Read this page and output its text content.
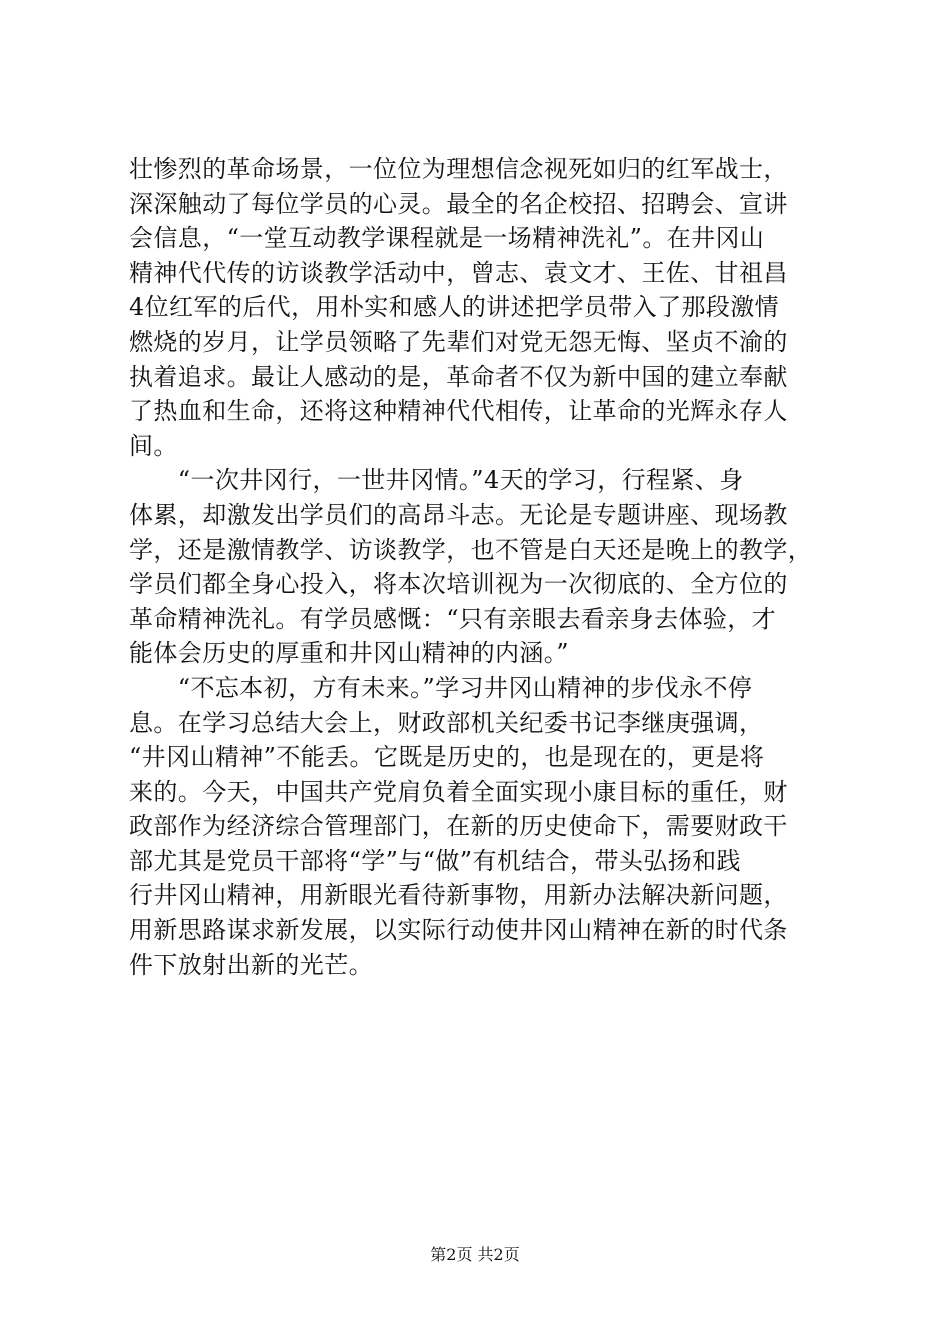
壮惨烈的革命场景，一位位为理想信念视死如归的红军战士，
深深触动了每位学员的心灵。最全的名企校招、招聘会、宣讲
会信息，“一堂互动教学课程就是一场精神洗礼”。在井冈山
精神代代传的访谈教学活动中，曾志、袁文才、王佐、甘祖昌
4位红军的后代，用朴实和感人的讲述把学员带入了那段激情
燃烧的岁月，让学员领略了先辈们对党无怨无悔、坚贞不渝的
执着追求。最让人感动的是，革命者不仅为新中国的建立奉献
了热血和生命，还将这种精神代代相传，让革命的光辉永存人
间。
　　“一次井冈行，一世井冈情。”4天的学习，行程紧、身
体累，却激发出学员们的高昂斗志。无论是专题讲座、现场教
学，还是激情教学、访谈教学，也不管是白天还是晚上的教学，
学员们都全身心投入，将本次培训视为一次彻底的、全方位的
革命精神洗礼。有学员感慨：“只有亲眼去看亲身去体验，才
能体会历史的厚重和井冈山精神的内涵。”
　　“不忘本初，方有未来。”学习井冈山精神的步伐永不停
息。在学习总结大会上，财政部机关纪委书记李继庚强调，
“井冈山精神”不能丢。它既是历史的，也是现在的，更是将
来的。今天，中国共产党肩负着全面实现小康目标的重任，财
政部作为经济综合管理部门，在新的历史使命下，需要财政干
部尤其是党员干部将“学”与“做”有机结合，带头弘扬和践
行井冈山精神，用新眼光看待新事物，用新办法解决新问题，
用新思路谋求新发展，以实际行动使井冈山精神在新的时代条
件下放射出新的光芒。
第2页 共2页
